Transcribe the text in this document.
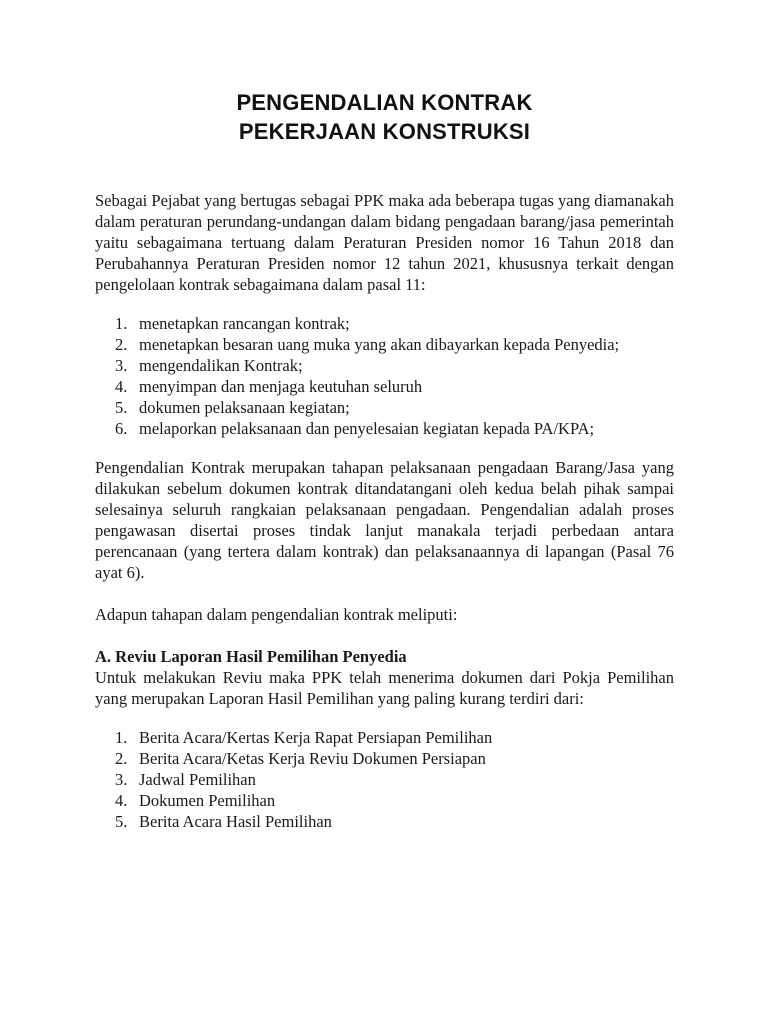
PENGENDALIAN KONTRAK
PEKERJAAN KONSTRUKSI

Sebagai Pejabat yang bertugas sebagai PPK maka ada beberapa tugas yang diamanakah dalam peraturan perundang-undangan dalam bidang pengadaan barang/jasa pemerintah yaitu sebagaimana tertuang dalam Peraturan Presiden nomor 16 Tahun 2018 dan Perubahannya Peraturan Presiden nomor 12 tahun 2021, khususnya terkait dengan pengelolaan kontrak sebagaimana dalam pasal 11:

1. menetapkan rancangan kontrak;
2. menetapkan besaran uang muka yang akan dibayarkan kepada Penyedia;
3. mengendalikan Kontrak;
4. menyimpan dan menjaga keutuhan seluruh
5. dokumen pelaksanaan kegiatan;
6. melaporkan pelaksanaan dan penyelesaian kegiatan kepada PA/KPA;

Pengendalian Kontrak merupakan tahapan pelaksanaan pengadaan Barang/Jasa yang dilakukan sebelum dokumen kontrak ditandatangani oleh kedua belah pihak sampai selesainya seluruh rangkaian pelaksanaan pengadaan. Pengendalian adalah proses pengawasan disertai proses tindak lanjut manakala terjadi perbedaan antara perencanaan (yang tertera dalam kontrak) dan pelaksanaannya di lapangan (Pasal 76 ayat 6).

Adapun tahapan dalam pengendalian kontrak meliputi:

A. Reviu Laporan Hasil Pemilihan Penyedia

Untuk melakukan Reviu maka PPK telah menerima dokumen dari Pokja Pemilihan yang merupakan Laporan Hasil Pemilihan yang paling kurang terdiri dari:

1. Berita Acara/Kertas Kerja Rapat Persiapan Pemilihan
2. Berita Acara/Ketas Kerja Reviu Dokumen Persiapan
3. Jadwal Pemilihan
4. Dokumen Pemilihan
5. Berita Acara Hasil Pemilihan
